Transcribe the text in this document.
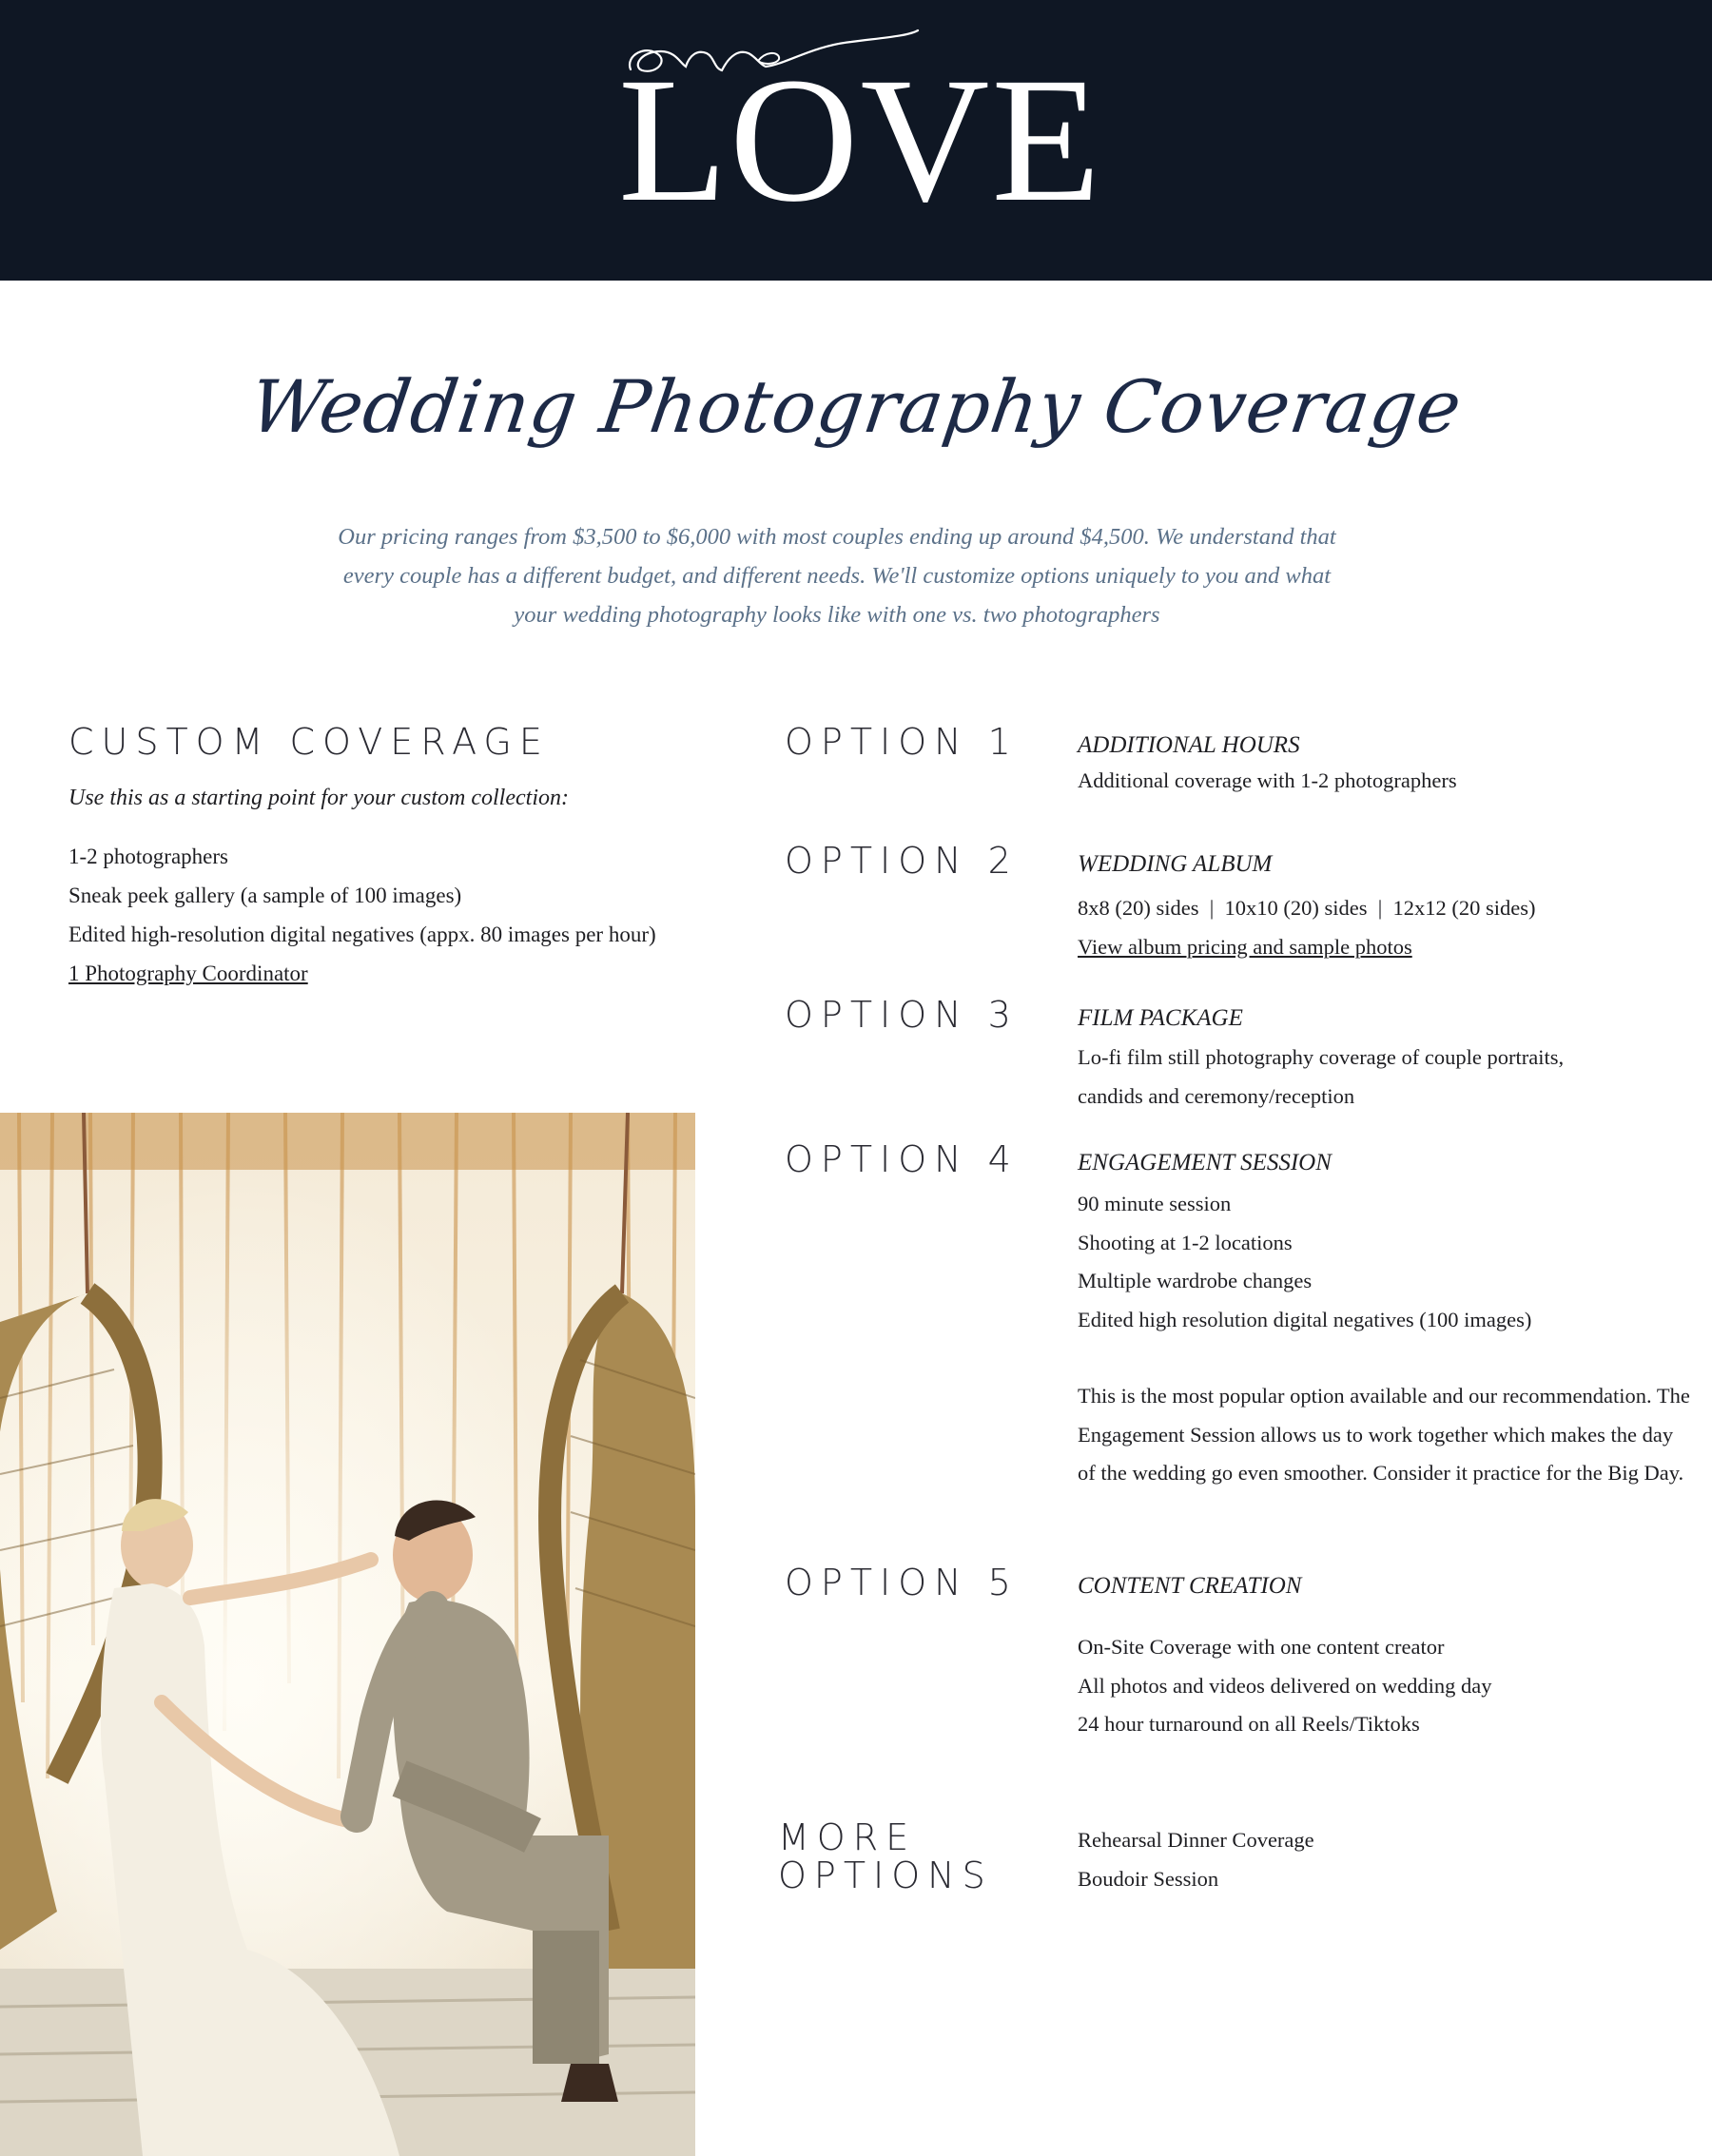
LOVE
Wedding Photography Coverage
Our pricing ranges from $3,500 to $6,000 with most couples ending up around $4,500. We understand that every couple has a different budget, and different needs. We'll customize options uniquely to you and what your wedding photography looks like with one vs. two photographers
CUSTOM COVERAGE
Use this as a starting point for your custom collection:
1-2 photographers
Sneak peek gallery (a sample of 100 images)
Edited high-resolution digital negatives (appx. 80 images per hour)
1 Photography Coordinator
OPTION 1 ADDITIONAL HOURS
Additional coverage with 1-2 photographers
OPTION 2 WEDDING ALBUM
8x8 (20) sides  |  10x10 (20) sides  |  12x12 (20 sides)
View album pricing and sample photos
OPTION 3 FILM PACKAGE
Lo-fi film still photography coverage of couple portraits,
candids and ceremony/reception
OPTION 4 ENGAGEMENT SESSION
90 minute session
Shooting at 1-2 locations
Multiple wardrobe changes
Edited high resolution digital negatives (100 images)

This is the most popular option available and our recommendation. The Engagement Session allows us to work together which makes the day of the wedding go even smoother. Consider it practice for the Big Day.

OPTION 5 CONTENT CREATION
On-Site Coverage with one content creator
All photos and videos delivered on wedding day
24 hour turnaround on all Reels/Tiktoks
MORE
OPTIONS
Rehearsal Dinner Coverage
Boudoir Session
